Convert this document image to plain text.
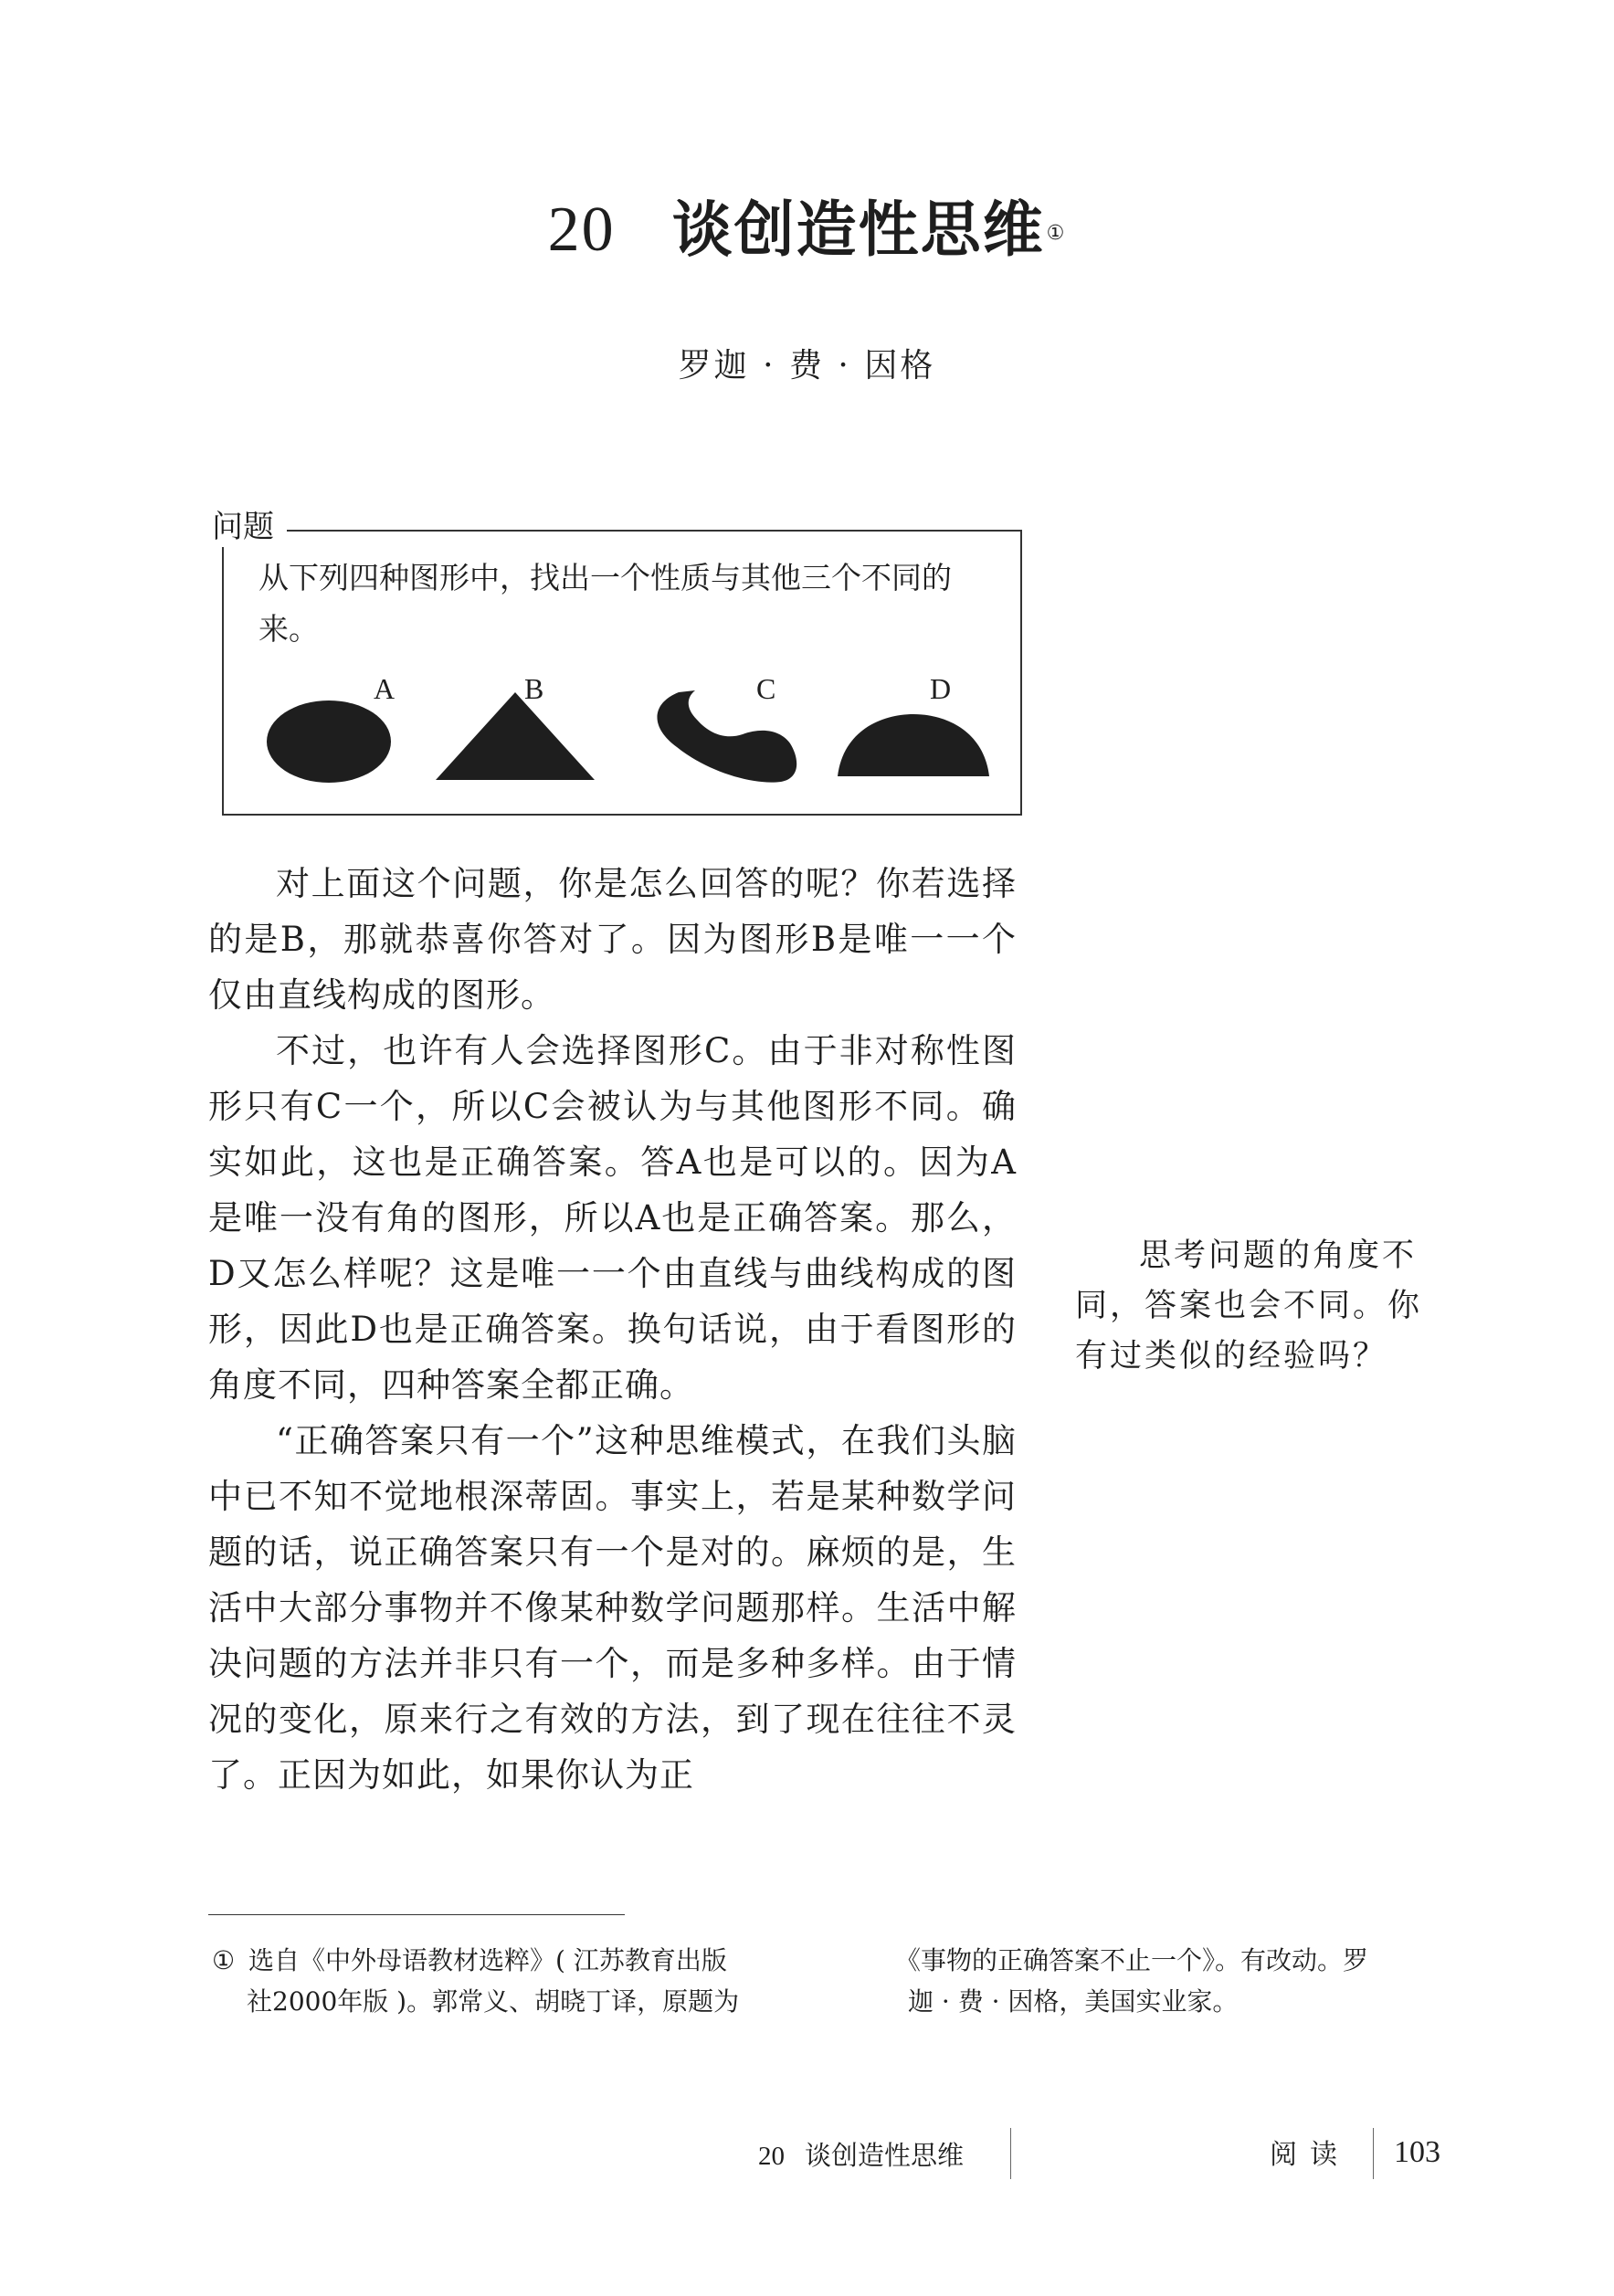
20 谈创造性思维①
罗迦 · 费 · 因格
问题
从下列四种图形中，找出一个性质与其他三个不同的来。
A	B	C	D

对上面这个问题，你是怎么回答的呢？你若选择的是B，那就恭喜你答对了。因为图形B是唯一一个仅由直线构成的图形。

不过，也许有人会选择图形C。由于非对称性图形只有C一个，所以C会被认为与其他图形不同。确实如此，这也是正确答案。答A也是可以的。因为A是唯一没有角的图形，所以A也是正确答案。那么，D又怎么样呢？这是唯一一个由直线与曲线构成的图形，因此D也是正确答案。换句话说，由于看图形的角度不同，四种答案全都正确。

“正确答案只有一个”这种思维模式，在我们头脑中已不知不觉地根深蒂固。事实上，若是某种数学问题的话，说正确答案只有一个是对的。麻烦的是，生活中大部分事物并不像某种数学问题那样。生活中解决问题的方法并非只有一个，而是多种多样。由于情况的变化，原来行之有效的方法，到了现在往往不灵了。正因为如此，如果你认为正

思考问题的角度不
同，答案也会不同。你
有过类似的经验吗？
① 选自《中外母语教材选粹》( 江苏教育出版
社2000年版 )。郭常义、胡晓丁译，原题为
《事物的正确答案不止一个》。有改动。罗
迦 · 费 · 因格，美国实业家。
20 谈创造性思维	阅读 103
